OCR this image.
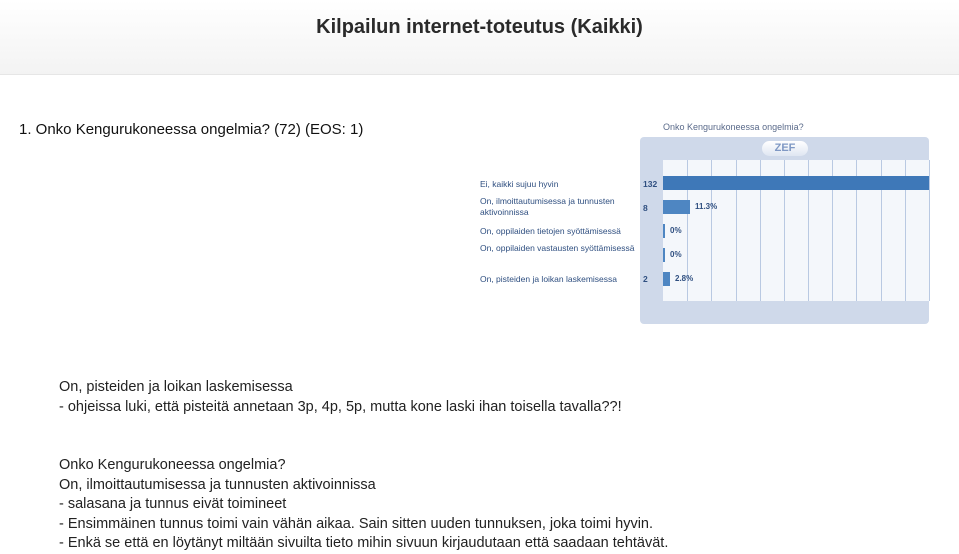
Kilpailun internet-toteutus (Kaikki)
1. Onko Kengurukoneessa ongelmia? (72) (EOS: 1)	Onko Kengurukoneessa ongelmia?
ZEF
Ei, kaikki sujuu hyvin	132
On, ilmoittautumisessa ja tunnusten aktivoinnissa	8	11.3%
On, oppilaiden tietojen syöttämisessä	0%
On, oppilaiden vastausten syöttämisessä
0%
On, pisteiden ja loikan laskemisessa	2	2.8%
On, pisteiden ja loikan laskemisessa
- ohjeissa luki, että pisteitä annetaan 3p, 4p, 5p, mutta kone laski ihan toisella tavalla??!
Onko Kengurukoneessa ongelmia?
On, ilmoittautumisessa ja tunnusten aktivoinnissa
- salasana ja tunnus eivät toimineet
- Ensimmäinen tunnus toimi vain vähän aikaa. Sain sitten uuden tunnuksen, joka toimi hyvin.
- Enkä se että en löytänyt miltään sivuilta tieto mihin sivuun kirjaudutaan että saadaan tehtävät.
